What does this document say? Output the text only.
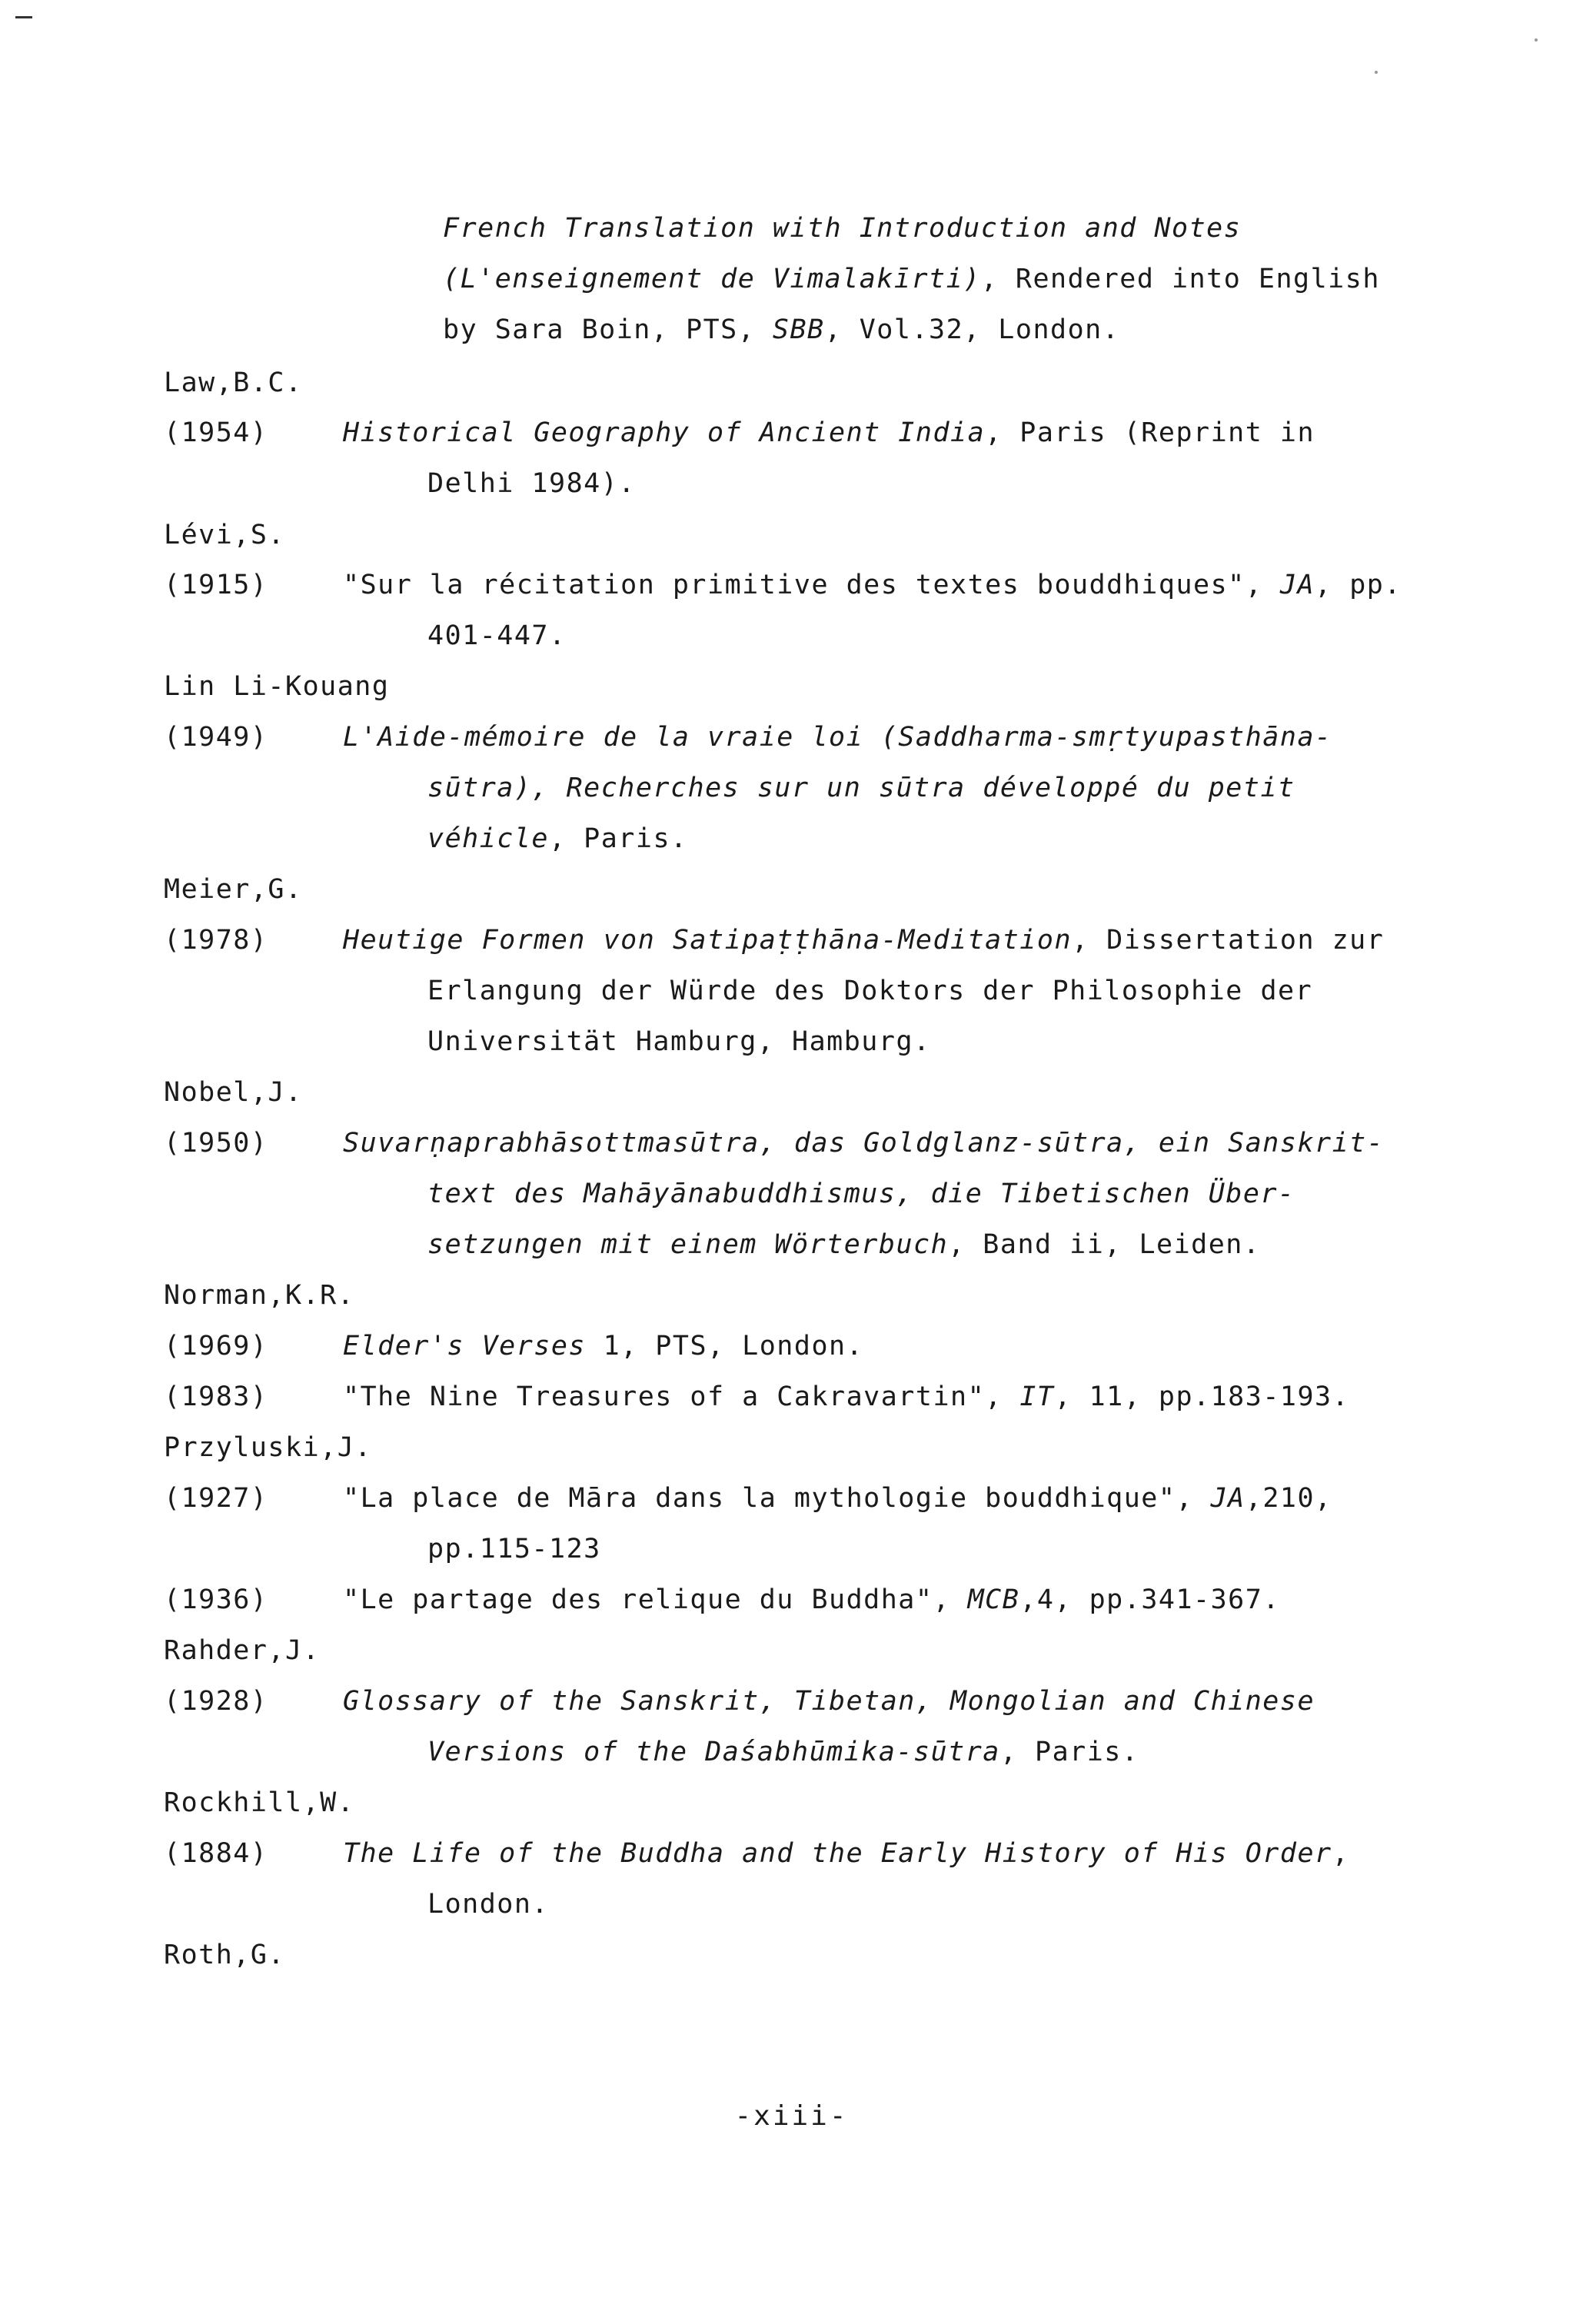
French Translation with Introduction and Notes
(L'enseignement de Vimalakīrti), Rendered into English
by Sara Boin, PTS, SBB, Vol.32, London.
Law,B.C.
(1954)	Historical Geography of Ancient India, Paris (Reprint in
Delhi 1984).
Lévi,S.
(1915)	"Sur la récitation primitive des textes bouddhiques", JA, pp.
401-447.
Lin Li-Kouang
(1949)	L'Aide-mémoire de la vraie loi (Saddharma-smṛtyupasthāna-
sūtra), Recherches sur un sūtra développé du petit
véhicle, Paris.
Meier,G.
(1978)	Heutige Formen von Satipaṭṭhāna-Meditation, Dissertation zur
Erlangung der Würde des Doktors der Philosophie der
Universität Hamburg, Hamburg.
Nobel,J.
(1950)	Suvarṇaprabhāsottmasūtra, das Goldglanz-sūtra, ein Sanskrit-
text des Mahāyānabuddhismus, die Tibetischen Über-
setzungen mit einem Wörterbuch, Band ii, Leiden.
Norman,K.R.
(1969)	Elder's Verses 1, PTS, London.
(1983)	"The Nine Treasures of a Cakravartin", IT, 11, pp.183-193.
Przyluski,J.
(1927)	"La place de Māra dans la mythologie bouddhique", JA,210,
pp.115-123
(1936)	"Le partage des relique du Buddha", MCB,4, pp.341-367.
Rahder,J.
(1928)	Glossary of the Sanskrit, Tibetan, Mongolian and Chinese
Versions of the Daśabhūmika-sūtra, Paris.
Rockhill,W.
(1884)	The Life of the Buddha and the Early History of His Order,
London.
Roth,G.
-xiii-
